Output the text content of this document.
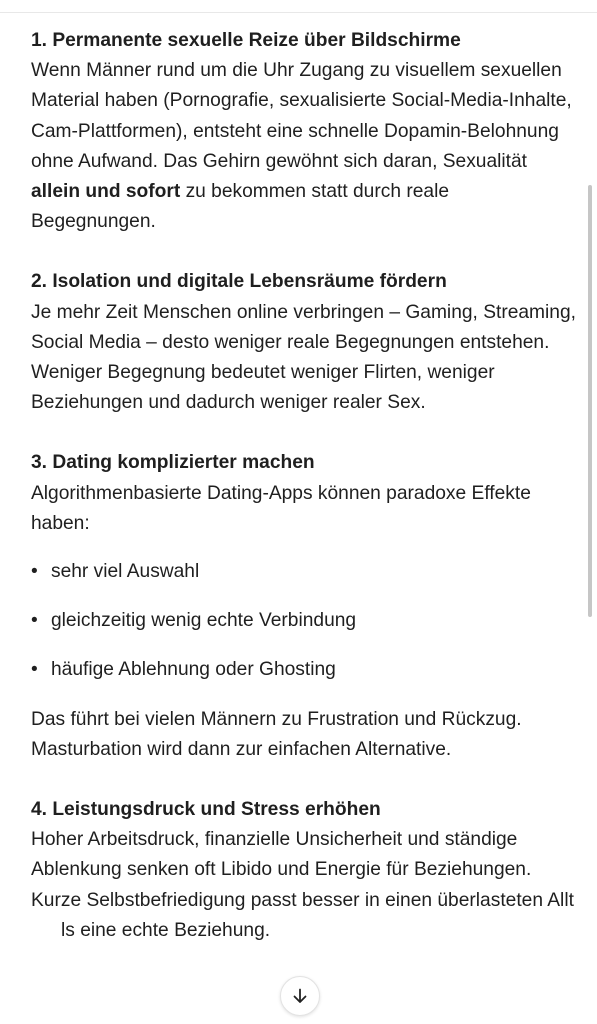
1. Permanente sexuelle Reize über Bildschirme

Wenn Männer rund um die Uhr Zugang zu visuellem sexuellen Material haben (Pornografie, sexualisierte Social-Media-Inhalte, Cam-Plattformen), entsteht eine schnelle Dopamin-Belohnung ohne Aufwand. Das Gehirn gewöhnt sich daran, Sexualität allein und sofort zu bekommen statt durch reale Begegnungen.

2. Isolation und digitale Lebensräume fördern

Je mehr Zeit Menschen online verbringen – Gaming, Streaming, Social Media – desto weniger reale Begegnungen entstehen. Weniger Begegnung bedeutet weniger Flirten, weniger Beziehungen und dadurch weniger realer Sex.

3. Dating komplizierter machen

Algorithmenbasierte Dating-Apps können paradoxe Effekte haben:

• sehr viel Auswahl
• gleichzeitig wenig echte Verbindung
• häufige Ablehnung oder Ghosting

Das führt bei vielen Männern zu Frustration und Rückzug. Masturbation wird dann zur einfachen Alternative.

4. Leistungsdruck und Stress erhöhen

Hoher Arbeitsdruck, finanzielle Unsicherheit und ständige Ablenkung senken oft Libido und Energie für Beziehungen. Kurze Selbstbefriedigung passt besser in einen überlasteten Alltls eine echte Beziehung.
